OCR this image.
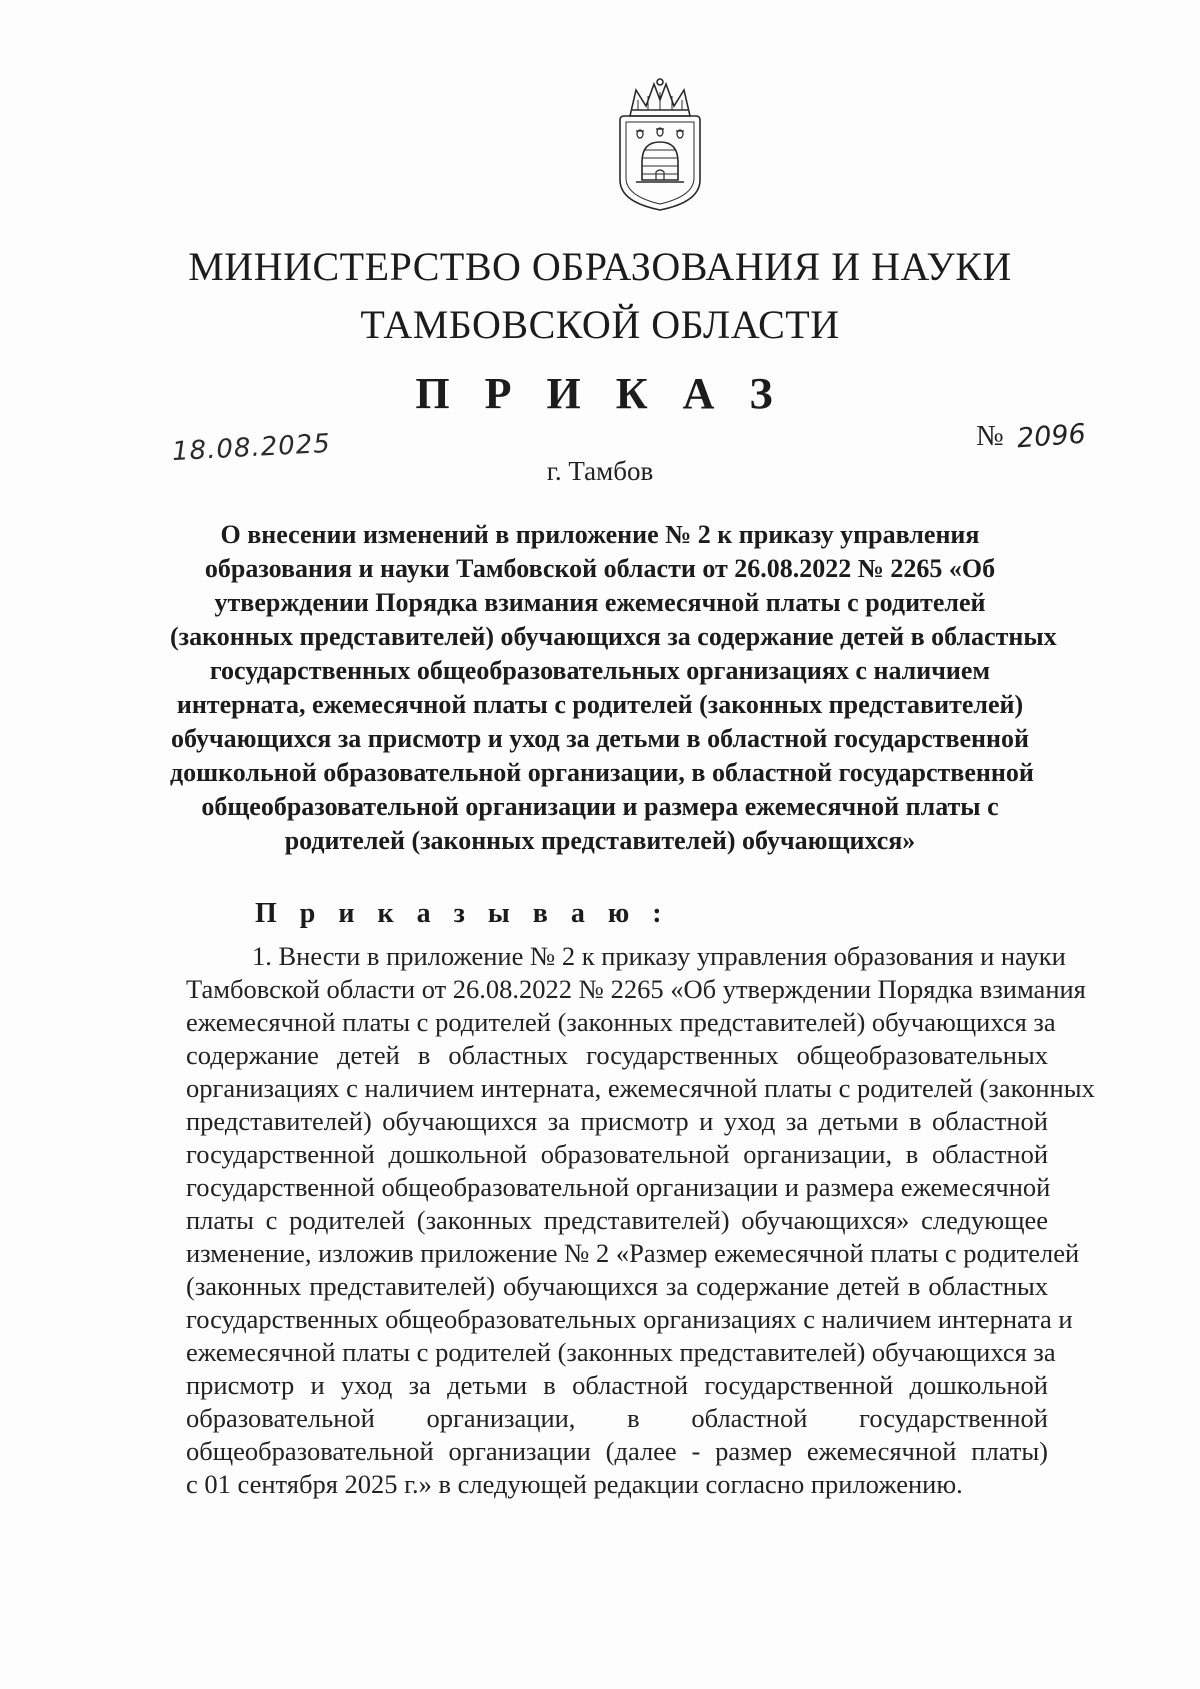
МИНИСТЕРСТВО ОБРАЗОВАНИЯ И НАУКИ
ТАМБОВСКОЙ ОБЛАСТИ
П Р И К А З
18.08.2025	№ 2096
г. Тамбов
О внесении изменений в приложение № 2 к приказу управления
образования и науки Тамбовской области от 26.08.2022 № 2265 «Об
утверждении Порядка взимания ежемесячной платы с родителей
(законных представителей) обучающихся за содержание детей в областных
государственных общеобразовательных организациях с наличием
интерната, ежемесячной платы с родителей (законных представителей)
обучающихся за присмотр и уход за детьми в областной государственной
дошкольной образовательной организации, в областной государственной
общеобразовательной организации и размера ежемесячной платы с
родителей (законных представителей) обучающихся»
П р и к а з ы в а ю :
1. Внести в приложение № 2 к приказу управления образования и науки
Тамбовской области от 26.08.2022 № 2265 «Об утверждении Порядка взимания
ежемесячной платы с родителей (законных представителей) обучающихся за
содержание детей в областных государственных общеобразовательных
организациях с наличием интерната, ежемесячной платы с родителей (законных
представителей) обучающихся за присмотр и уход за детьми в областной
государственной дошкольной образовательной организации, в областной
государственной общеобразовательной организации и размера ежемесячной
платы с родителей (законных представителей) обучающихся» следующее
изменение, изложив приложение № 2 «Размер ежемесячной платы с родителей
(законных представителей) обучающихся за содержание детей в областных
государственных общеобразовательных организациях с наличием интерната и
ежемесячной платы с родителей (законных представителей) обучающихся за
присмотр и уход за детьми в областной государственной дошкольной
образовательной организации, в областной государственной
общеобразовательной организации (далее - размер ежемесячной платы)
с 01 сентября 2025 г.» в следующей редакции согласно приложению.
